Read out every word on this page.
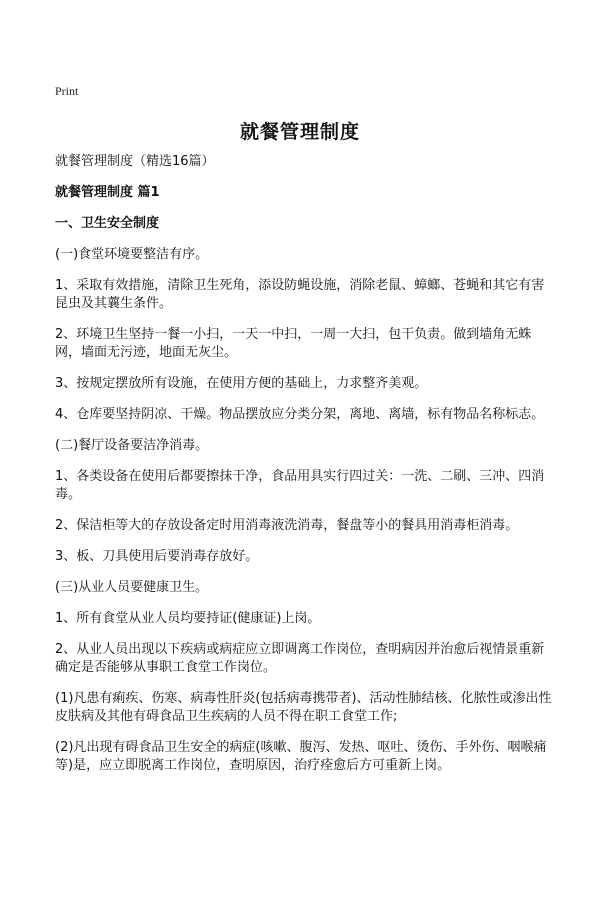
Print
就餐管理制度

就餐管理制度（精选16篇）

就餐管理制度 篇1

一、卫生安全制度

(一)食堂环境要整洁有序。

1、采取有效措施，清除卫生死角，添设防蝇设施，消除老鼠、蟑螂、苍蝇和其它有害昆虫及其蘘生条件。

2、环境卫生坚持一餐一小扫，一天一中扫，一周一大扫，包干负责。做到墙角无蛛网，墙面无污迹，地面无灰尘。

3、按规定摆放所有设施，在使用方便的基础上，力求整齐美观。

4、仓库要坚持阴凉、干燥。物品摆放应分类分架，离地、离墙，标有物品名称标志。

(二)餐厅设备要洁净消毒。

1、各类设备在使用后都要擦抹干净，食品用具实行四过关：一洗、二刷、三冲、四消毒。

2、保洁柜等大的存放设备定时用消毒液洗消毒，餐盘等小的餐具用消毒柜消毒。

3、板、刀具使用后要消毒存放好。

(三)从业人员要健康卫生。

1、所有食堂从业人员均要持证(健康证)上岗。

2、从业人员出现以下疾病或病症应立即调离工作岗位，查明病因并治愈后视情景重新确定是否能够从事职工食堂工作岗位。

(1)凡患有痢疾、伤寒、病毒性肝炎(包括病毒携带者)、活动性肺结核、化脓性或渗出性皮肤病及其他有碍食品卫生疾病的人员不得在职工食堂工作;

(2)凡出现有碍食品卫生安全的病症(咳嗽、腹泻、发热、呕吐、烫伤、手外伤、咽喉痛等)是，应立即脱离工作岗位，查明原因，治疗痊愈后方可重新上岗。
